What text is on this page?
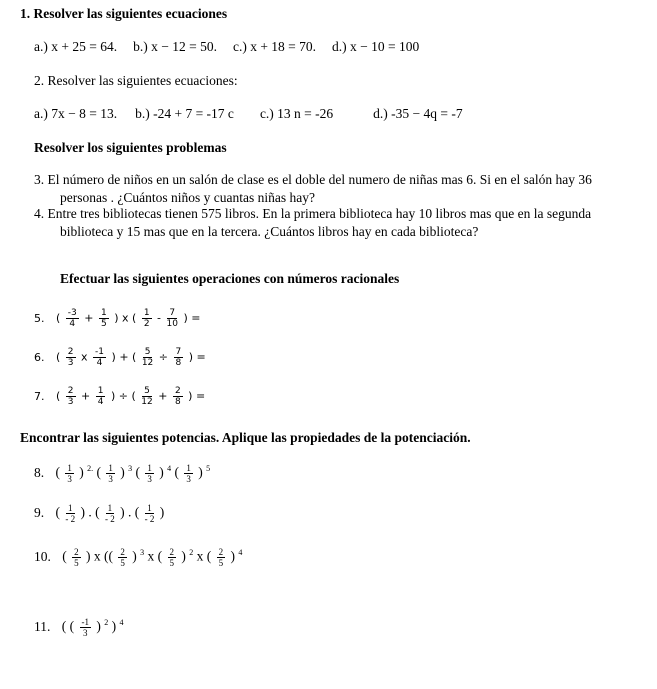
1. Resolver las siguientes ecuaciones
a.) x + 25 = 64. b.) x − 12 = 50. c.) x + 18 = 70. d.) x − 10 = 100
2. Resolver las siguientes ecuaciones:
a.) 7x − 8 = 13. b.) -24 + 7 = -17 c c.) 13 n = -26	d.) -35 − 4q = -7
Resolver los siguientes problemas
3. El número de niños en un salón de clase es el doble del numero de niñas mas 6. Si en el salón hay 36
personas . ¿Cuántos niños y cuantas niñas hay?
4. Entre tres bibliotecas tienen 575 libros. En la primera biblioteca hay 10 libros mas que en la segunda
biblioteca y 15 mas que en la tercera. ¿Cuántos libros hay en cada biblioteca?
Efectuar las siguientes operaciones con números racionales
Encontrar las siguientes potencias. Aplique las propiedades de la potenciación.
5. ( $\frac{-3}{4} + \frac{1}{5}$ ) x ( $\frac{1}{2} - \frac{7}{10}$ ) =
6. ( $\frac{2}{3}$ x $\frac{-1}{4}$ ) + ( $\frac{5}{12} \div \frac{7}{8}$ ) =
7. ( $\frac{2}{3} + \frac{1}{4}$ ) ÷ ( $\frac{5}{12} + \frac{2}{8}$ ) =
8. ( $\frac{1}{3}$ ) $^{2.}$ ( $\frac{1}{3}$ ) $^3$ ( $\frac{1}{3}$ ) $^4$ ( $\frac{1}{3}$ ) $^5$
9. ( $\frac{1}{- 2}$ ) . ( $\frac{1}{- 2}$ ) . ( $\frac{1}{- 2}$ )
10. ( $\frac{2}{5}$ ) x (( $\frac{2}{5}$ ) $^3$ x ( $\frac{2}{5}$ ) $^2$ x ( $\frac{2}{5}$ ) $^4$
11. ( ( $\frac{-1}{3}$ ) $^2$ ) $^4$
